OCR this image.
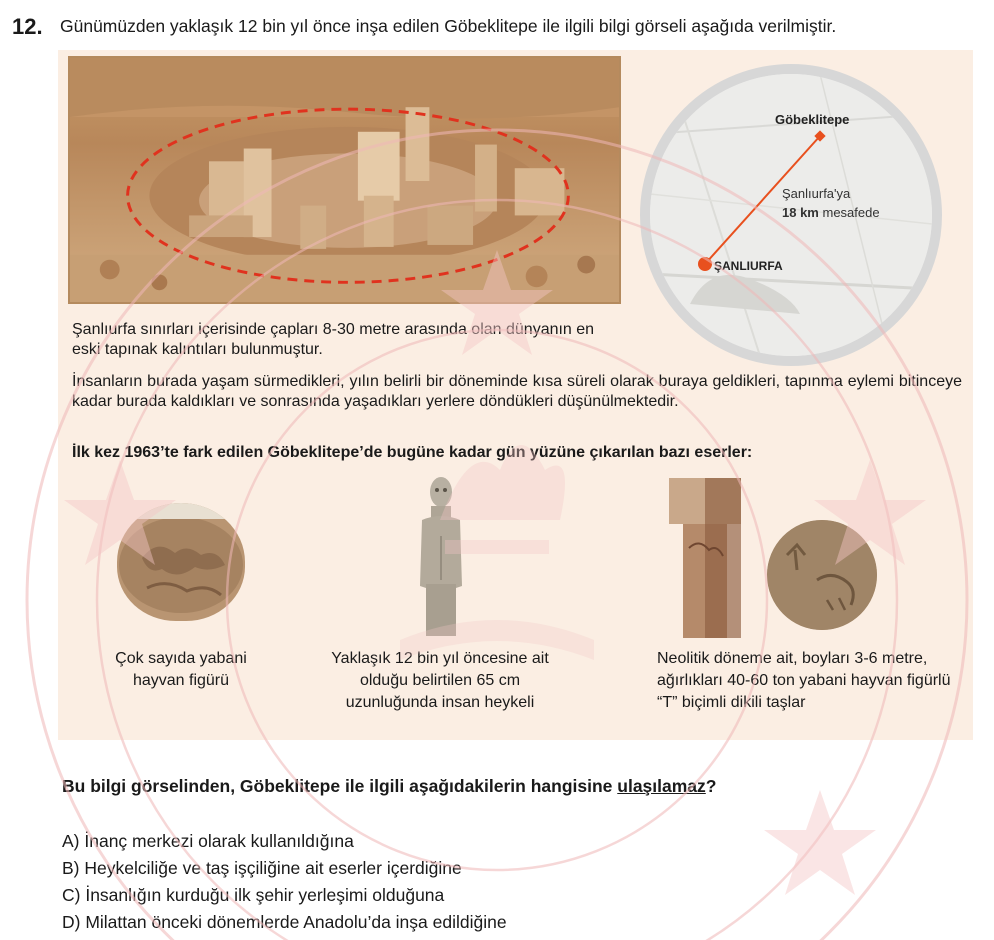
12. Günümüzden yaklaşık 12 bin yıl önce inşa edilen Göbeklitepe ile ilgili bilgi görseli aşağıda verilmiştir.
Göbeklitepe
Şanlıurfa'ya
18 km mesafede
ŞANLIURFA

Şanlıurfa sınırları içerisinde çapları 8-30 metre arasında olan dünyanın en eski tapınak kalıntıları bulunmuştur.

İnsanların burada yaşam sürmedikleri, yılın belirli bir döneminde kısa süreli olarak buraya geldikleri, tapınma eylemi bitinceye kadar burada kaldıkları ve sonrasında yaşadıkları yerlere döndükleri düşünülmektedir.

İlk kez 1963’te fark edilen Göbeklitepe’de bugüne kadar gün yüzüne çıkarılan bazı eserler:
Çok sayıda yabani hayvan figürü
Yaklaşık 12 bin yıl öncesine ait olduğu belirtilen 65 cm uzunluğunda insan heykeli
Neolitik döneme ait, boyları 3-6 metre, ağırlıkları 40-60 ton yabani hayvan figürlü “T” biçimli dikili taşlar
Bu bilgi görselinden, Göbeklitepe ile ilgili aşağıdakilerin hangisine ulaşılamaz?
A) İnanç merkezi olarak kullanıldığına
B) Heykelciliğe ve taş işçiliğine ait eserler içerdiğine
C) İnsanlığın kurduğu ilk şehir yerleşimi olduğuna
D) Milattan önceki dönemlerde Anadolu’da inşa edildiğine
